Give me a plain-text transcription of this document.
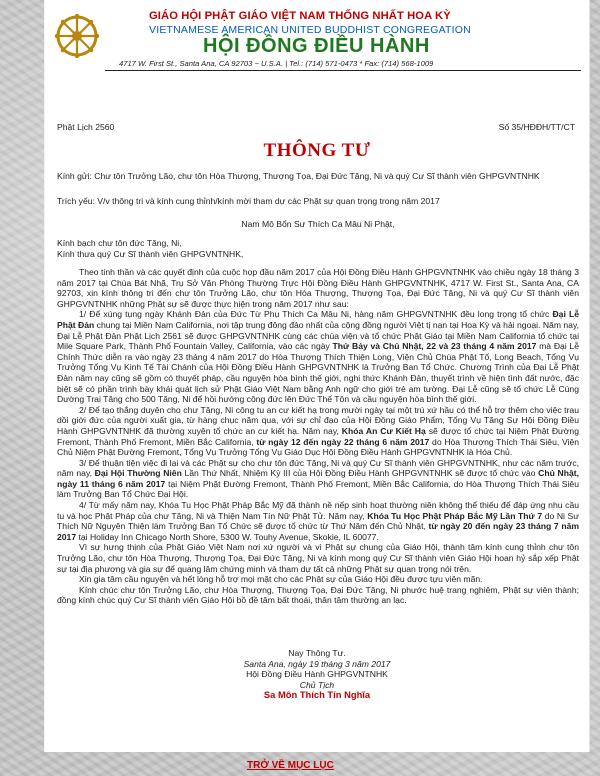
GIÁO HỘI PHẬT GIÁO VIỆT NAM THỐNG NHẤT HOA KỲ
VIETNAMESE AMERICAN UNITED BUDDHIST CONGREGATION
HỘI ĐỒNG ĐIỀU HÀNH
4717 W. First St., Santa Ana, CA 92703 ~ U.S.A. | Tel.: (714) 571-0473 * Fax: (714) 568-1009
Phật Lịch 2560	Số 35/HĐĐH/TT/CT
THÔNG TƯ
Kính gửi: Chư tôn Trưởng Lão, chư tôn Hòa Thượng, Thượng Tọa, Đại Đức Tăng, Ni và quý Cư Sĩ thành viên GHPGVNTNHK
Trích yếu: V/v thông tri và kính cung thỉnh/kính mời tham dự các Phật sự quan trọng trong năm 2017
Nam Mô Bổn Sư Thích Ca Mâu Ni Phật,
Kính bạch chư tôn đức Tăng, Ni,
Kính thưa quý Cư Sĩ thành viên GHPGVNTNHK,

Theo tinh thần và các quyết định của cuộc họp đầu năm 2017 của Hội Đồng Điều Hành GHPGVNTNHK vào chiều ngày 18 tháng 3 năm 2017 tại Chùa Bát Nhã, Trụ Sở Văn Phòng Thường Trực Hội Đồng Điều Hành GHPGVNTNHK, 4717 W. First St., Santa Ana, CA 92703, xin kính thông tri đến chư tôn Trưởng Lão, chư tôn Hòa Thượng, Thượng Tọa, Đại Đức Tăng, Ni và quý Cư Sĩ thành viên GHPGVNTNHK những Phật sự sẽ được thực hiện trong năm 2017 như sau:

1/ Để xúng tụng ngày Khánh Đản của Đức Từ Phụ Thích Ca Mâu Ni, hàng năm GHPGVNTNHK đều long trọng tổ chức Đại Lễ Phật Đản chung tại Miền Nam California, nơi tập trung đông đảo nhất của cộng đồng người Việt tị nạn tại Hoa Kỳ và hải ngoại. Năm nay, Đại Lễ Phật Đản Phật Lịch 2561 sẽ được GHPGVNTNHK cùng các chùa viện và tổ chức Phật Giáo tại Miền Nam California tổ chức tại Mile Square Park, Thành Phố Fountain Valley, California, vào các ngày Thứ Bảy và Chủ Nhật, 22 và 23 tháng 4 năm 2017 mà Đại Lễ Chính Thức diễn ra vào ngày 23 tháng 4 năm 2017 do Hòa Thượng Thích Thiện Long, Viện Chủ Chùa Phật Tổ, Long Beach, Tổng Vụ Trưởng Tổng Vụ Kinh Tế Tài Chánh của Hội Đồng Điều Hành GHPGVNTNHK là Trưởng Ban Tổ Chức. Chương Trình của Đại Lễ Phật Đản năm nay cũng sẽ gồm có thuyết pháp, cầu nguyện hòa bình thế giới, nghi thức Khánh Đản, thuyết trình về hiện tình đất nước, đặc biệt sẽ có phần trình bày khái quát lịch sử Phật Giáo Việt Nam bằng Anh ngữ cho giới trẻ am tường. Đại Lễ cũng sẽ tổ chức Lễ Cúng Dường Trai Tăng cho 500 Tăng, Ni để hồi hướng công đức lên Đức Thế Tôn và cầu nguyện hòa bình thế giới.

2/ Để tạo thắng duyên cho chư Tăng, Ni công tu an cư kiết hạ trong mười ngày tại một trú xứ hầu có thể hỗ trợ thêm cho việc trau dồi giới đức của người xuất gia, từ hàng chục năm qua, với sự chỉ đạo của Hội Đồng Giáo Phẩm, Tổng Vụ Tăng Sự Hội Đồng Điều Hành GHPGVNTNHK đã thường xuyên tổ chức an cư kiết hạ. Năm nay, Khóa An Cư Kiết Hạ sẽ được tổ chức tại Niệm Phật Đường Fremont, Thành Phố Fremont, Miền Bắc California, từ ngày 12 đến ngày 22 tháng 6 năm 2017 do Hòa Thượng Thích Thái Siêu, Viện Chủ Niệm Phật Đường Fremont, Tổng Vụ Trưởng Tổng Vụ Giáo Dục Hội Đồng Điều Hành GHPGVNTNHK là Hóa Chủ.

3/ Để thuận tiện việc đi lại và các Phật sự cho chư tôn đức Tăng, Ni và quý Cư Sĩ thành viên GHPGVNTNHK, như các năm trước, năm nay, Đại Hội Thường Niên Lần Thứ Nhất, Nhiệm Kỳ III của Hội Đồng Điều Hành GHPGVNTNHK sẽ được tổ chức vào Chủ Nhật, ngày 11 tháng 6 năm 2017 tại Niệm Phật Đường Fremont, Thành Phố Fremont, Miền Bắc California, do Hòa Thượng Thích Thái Siêu làm Trưởng Ban Tổ Chức Đại Hội.

4/ Từ mấy năm nay, Khóa Tu Học Phật Pháp Bắc Mỹ đã thành nề nếp sinh hoạt thường niên không thể thiếu để đáp ứng nhu cầu tu và học Phật Pháp của chư Tăng, Ni và Thiện Nam Tín Nữ Phật Tử. Năm nay, Khóa Tu Học Phật Pháp Bắc Mỹ Lần Thứ 7 do Ni Sư Thích Nữ Nguyên Thiện làm Trưởng Ban Tổ Chức sẽ được tổ chức từ Thứ Năm đến Chủ Nhật, từ ngày 20 đến ngày 23 tháng 7 năm 2017 tại Holiday Inn Chicago North Shore, 5300 W. Touhy Avenue, Skokie, IL 60077.

Vì sự hưng thịnh của Phật Giáo Việt Nam nơi xứ người và vì Phật sự chung của Giáo Hội, thành tâm kính cung thỉnh chư tôn Trưởng Lão, chư tôn Hòa Thượng, Thượng Tọa, Đại Đức Tăng, Ni và kính mong quý Cư Sĩ thành viên Giáo Hội hoan hỷ sắp xếp Phật sự tại địa phương và gia sự để quang lâm chứng minh và tham dự tất cả những Phật sự quan trọng nói trên.

Xin gia tâm cầu nguyện và hết lòng hỗ trợ mọi mặt cho các Phật sự của Giáo Hội đều được tựu viên mãn.

Kính chúc chư tôn Trưởng Lão, chư Hòa Thượng, Thượng Tọa, Đại Đức Tăng, Ni phước huệ trang nghiêm, Phật sự viên thành; đồng kính chúc quý Cư Sĩ thành viên Giáo Hội bồ đề tâm bất thoái, thân tâm thường an lạc.

Nay Thông Tư.
Santa Ana, ngày 19 tháng 3 năm 2017
Hội Đồng Điều Hành GHPGVNTNHK
Chủ Tịch
Sa Môn Thích Tín Nghĩa
TRỞ VỀ MỤC LỤC
